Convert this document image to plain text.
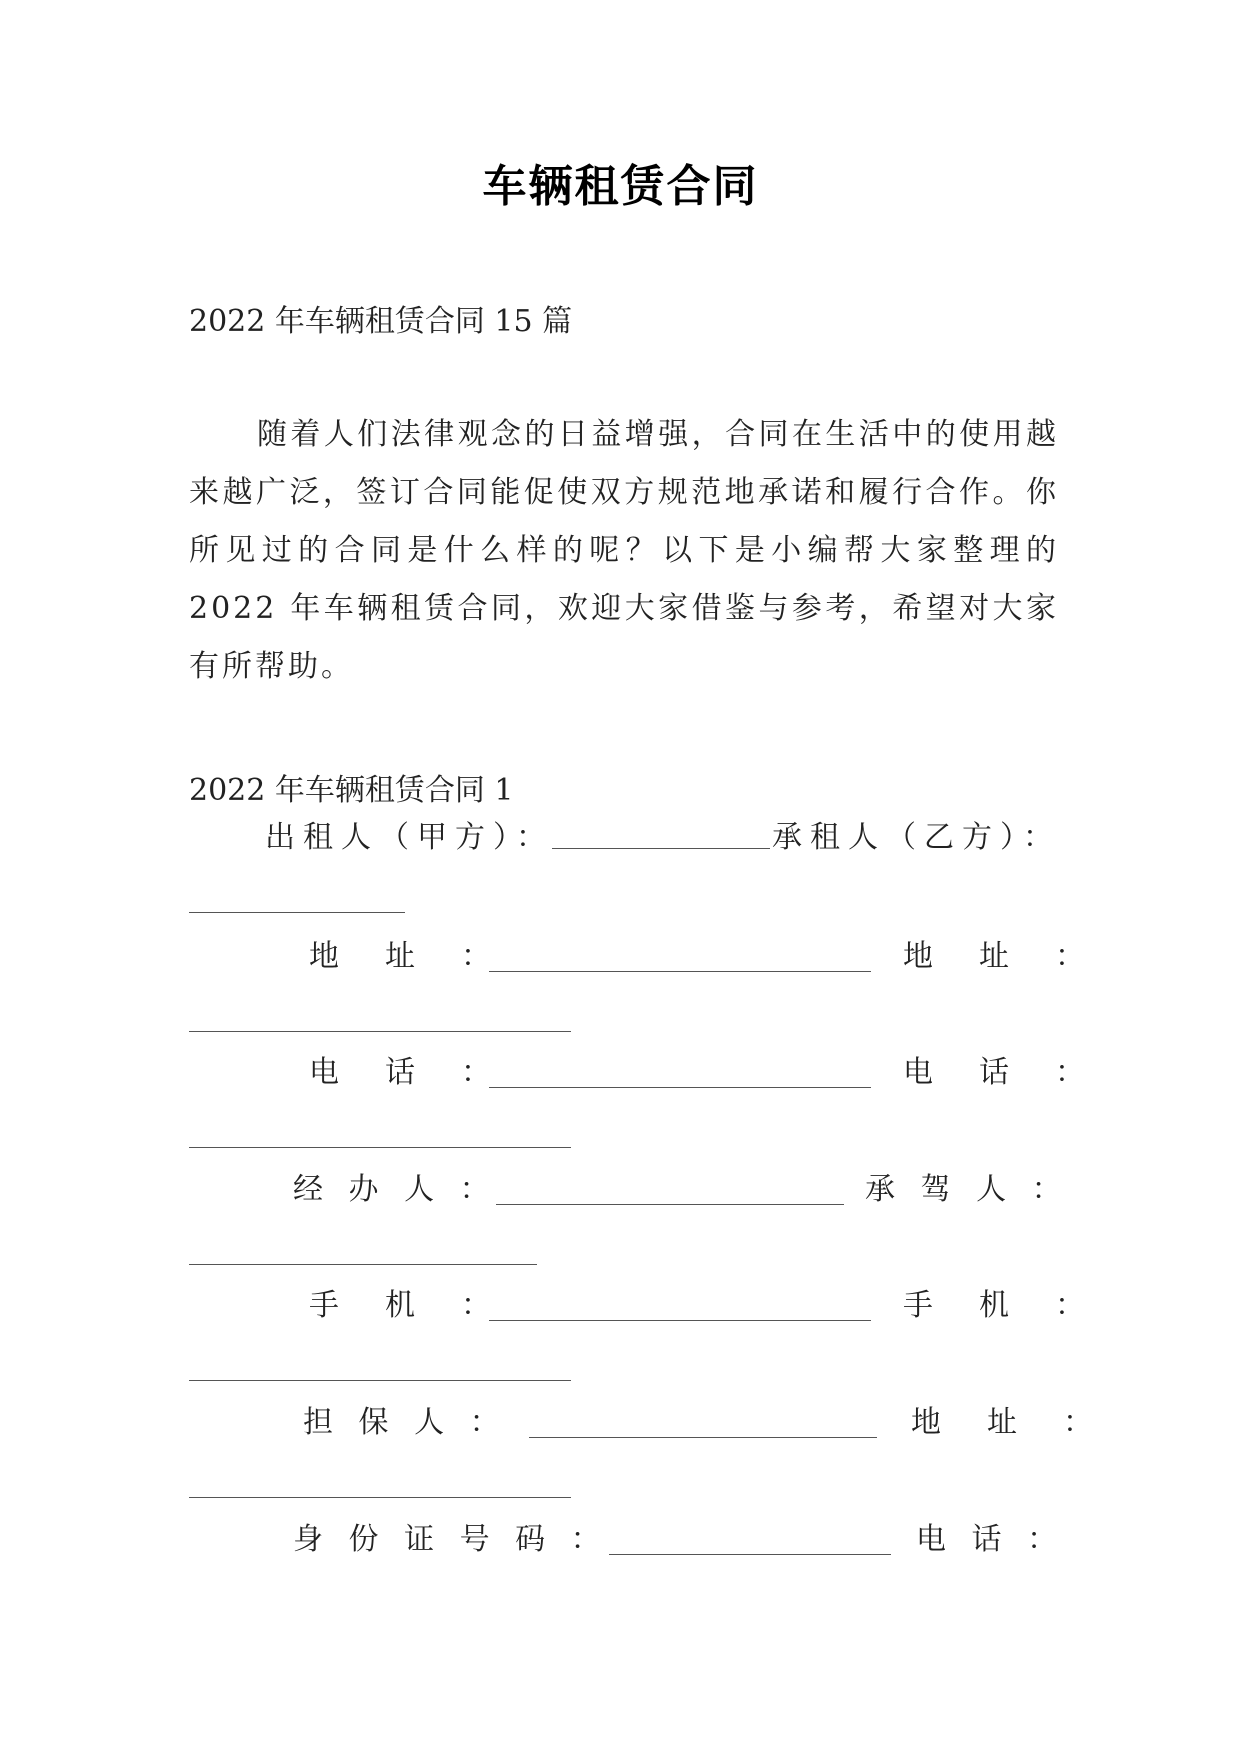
车辆租赁合同
2022 年车辆租赁合同 15 篇
随着人们法律观念的日益增强，合同在生活中的使用越来越广泛，签订合同能促使双方规范地承诺和履行合作。你所见过的合同是什么样的呢？以下是小编帮大家整理的 2022 年车辆租赁合同，欢迎大家借鉴与参考，希望对大家有所帮助。
2022 年车辆租赁合同 1
出租人（甲方）：	承租人（乙方）：
地　址　：	地　址　：
电　话　：	电　话　：
经 办 人 ：	承 驾 人 ：
手　机　：	手　机　：
担 保 人 ：	地　址　：
身 份 证 号 码 ：	电 话 ：
